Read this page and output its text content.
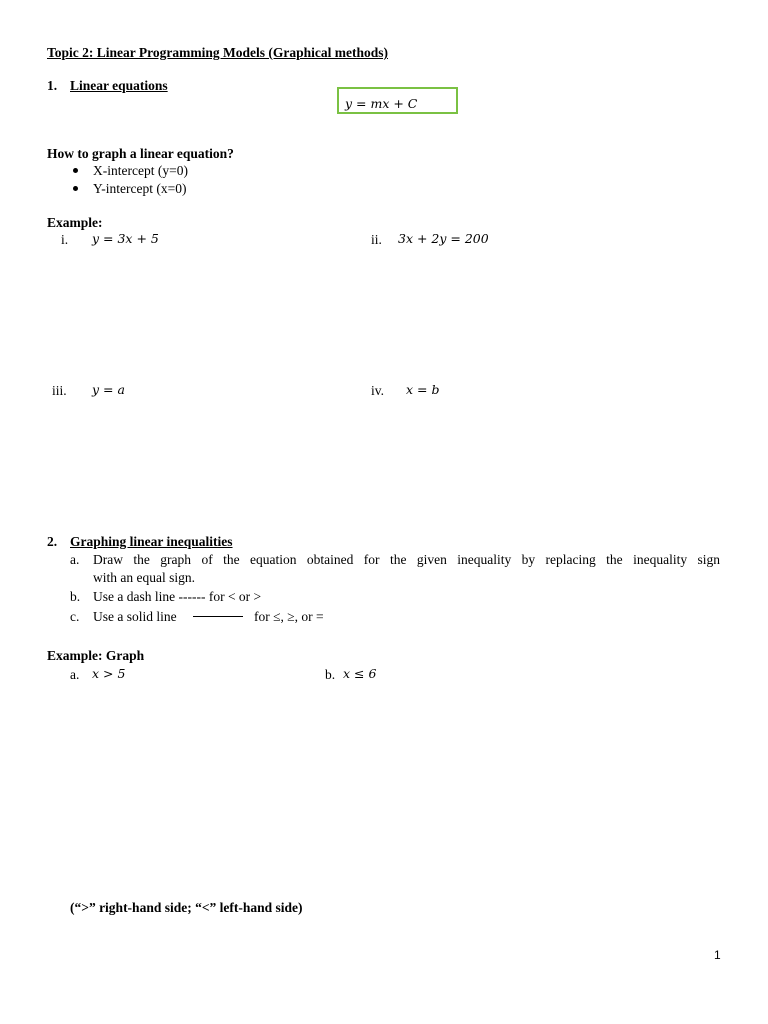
Topic 2: Linear Programming Models (Graphical methods)
1. Linear equations
y = mx + C
How to graph a linear equation?
X-intercept (y=0)
Y-intercept (x=0)
Example:
i. y = 3x + 5	ii. 3x + 2y = 200
iii. y = a	iv. x = b
2. Graphing linear inequalities
a. Draw the graph of the equation obtained for the given inequality by replacing the inequality sign
with an equal sign.
b. Use a dash line ------ for < or >
c. Use a solid line	for ≤, ≥, or =
Example: Graph
a. x > 5	b. x ≤ 6
(“>” right-hand side; “<” left-hand side)
1
